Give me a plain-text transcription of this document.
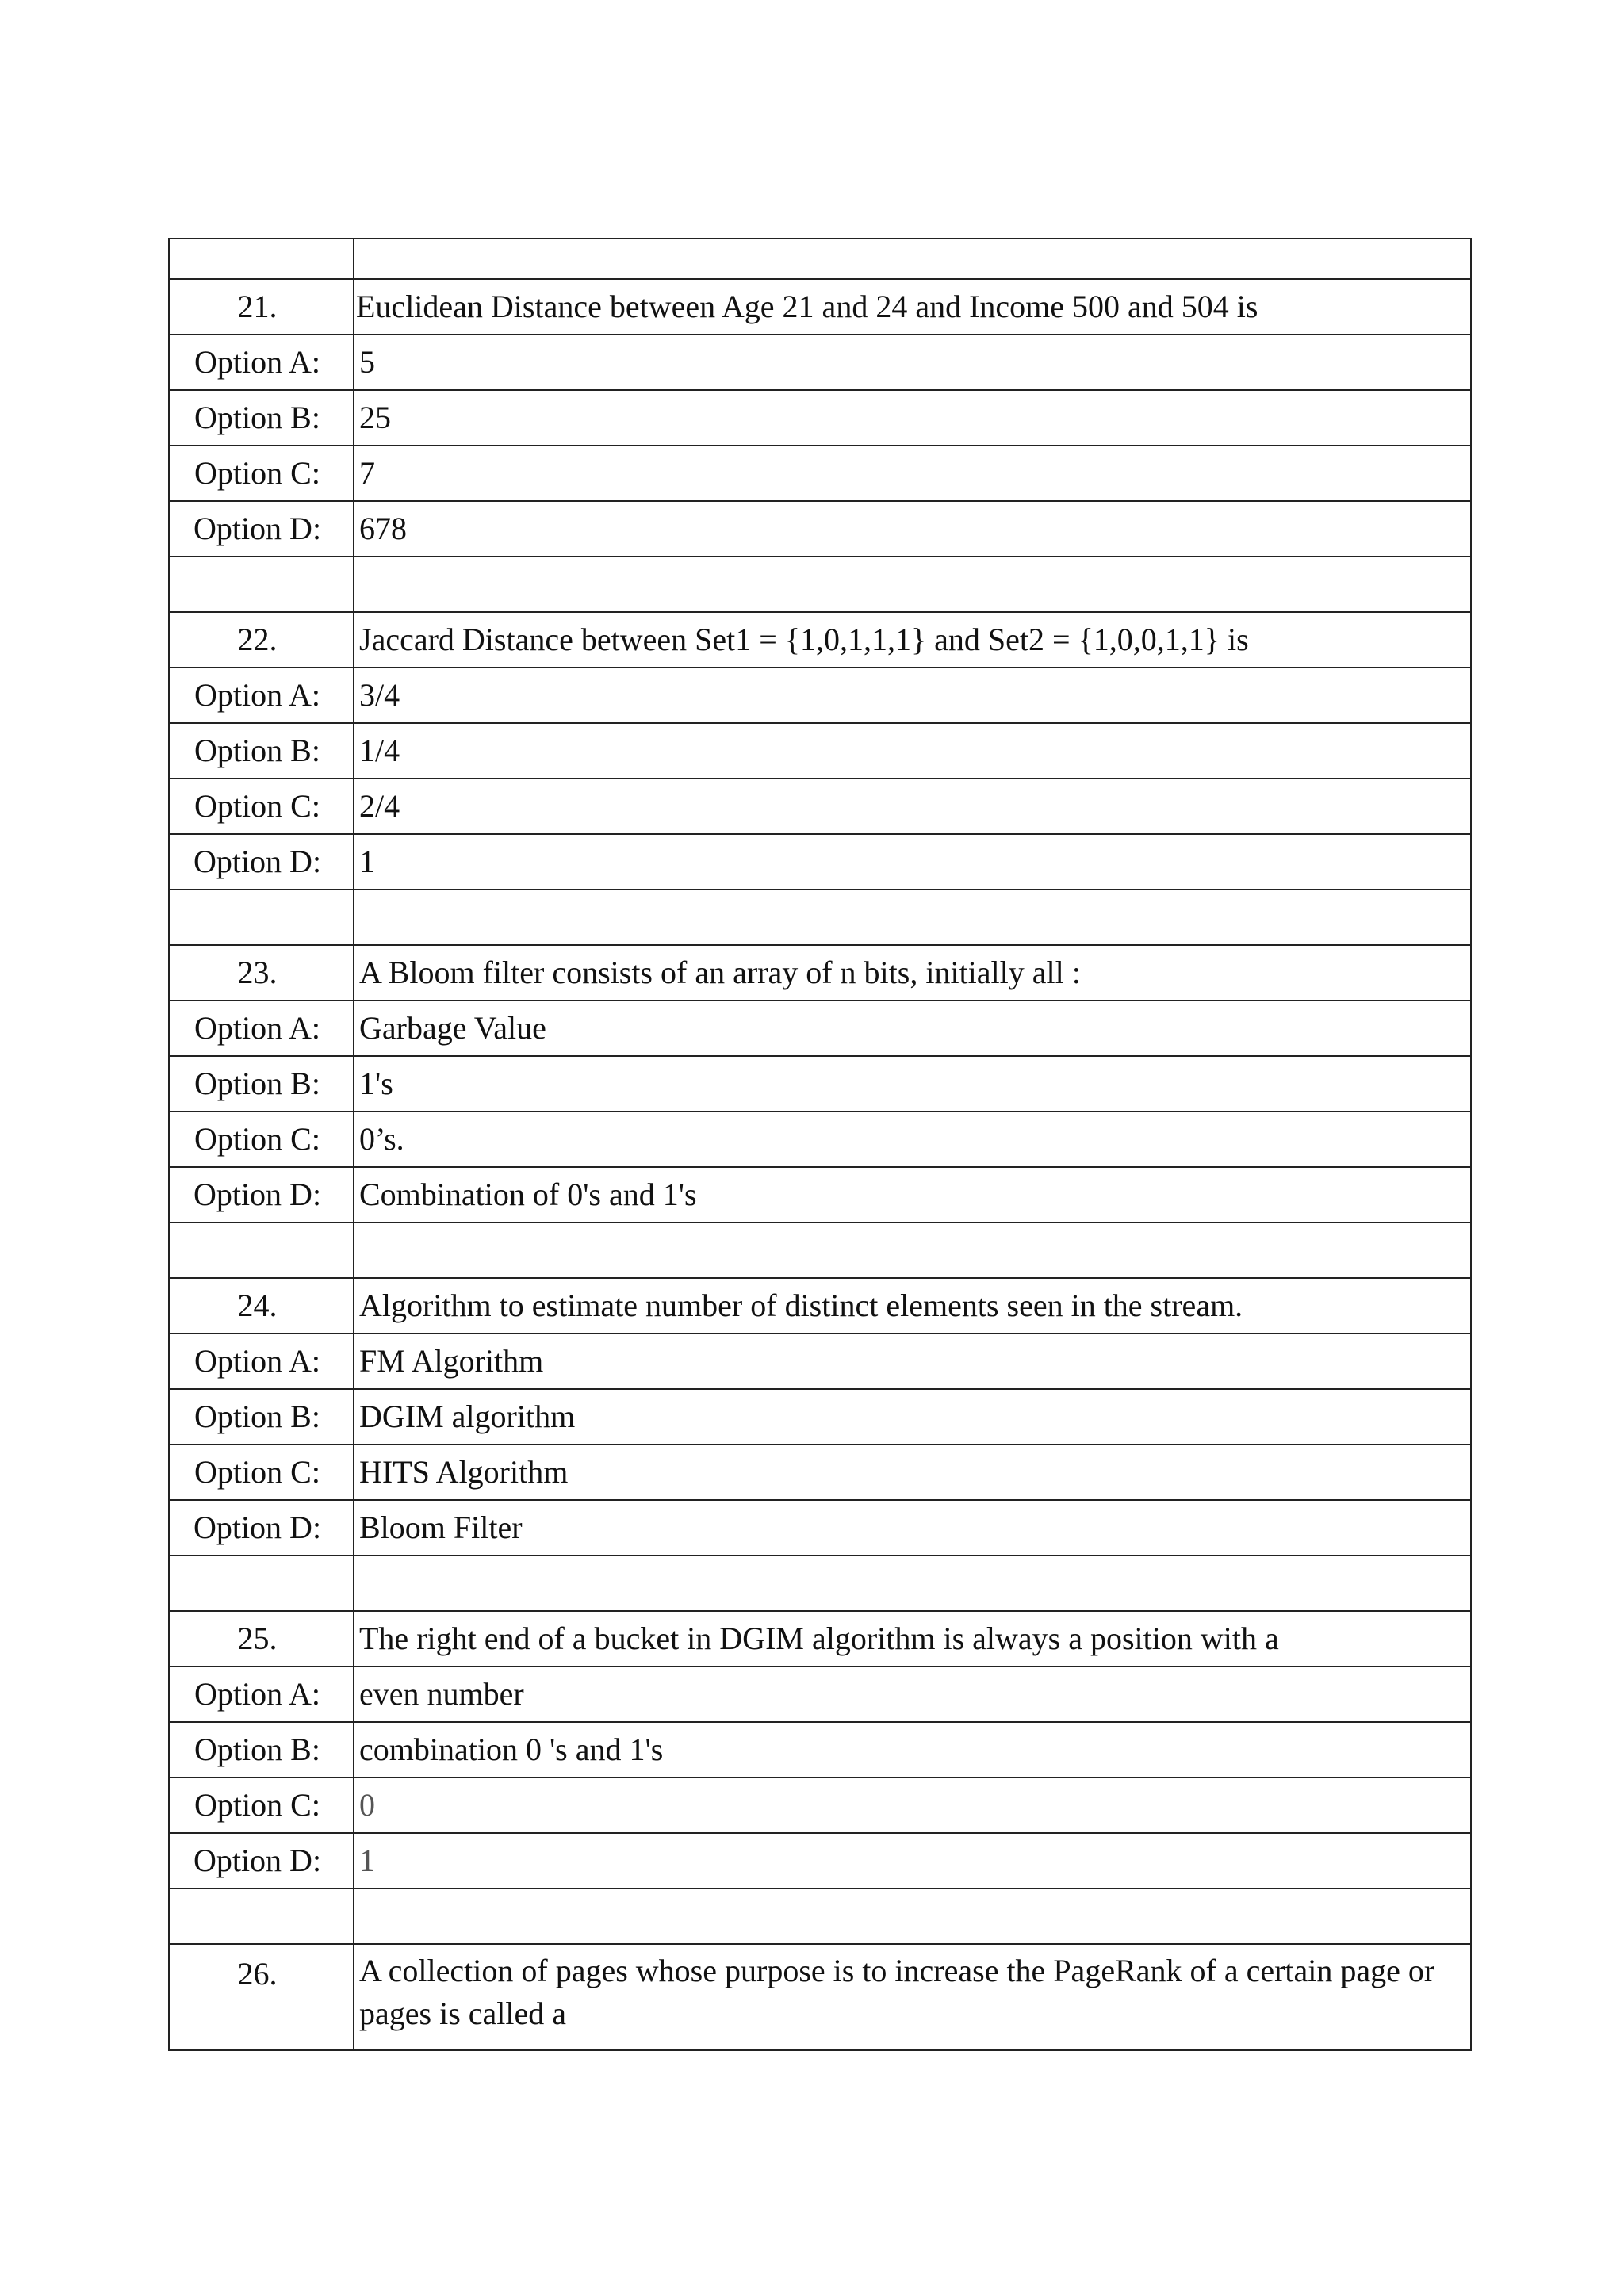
21.	Euclidean Distance between Age 21 and 24 and Income 500 and 504 is
Option A:	5
Option B:	25
Option C:	7
Option D:	678

22.	Jaccard Distance between Set1 = {1,0,1,1,1} and Set2 = {1,0,0,1,1} is
Option A:	3/4
Option B:	1/4
Option C:	2/4
Option D:	1

23.	A Bloom filter consists of an array of n bits, initially all :
Option A:	Garbage Value
Option B:	1's
Option C:	0’s.
Option D:	Combination of 0's and 1's

24.	Algorithm to estimate number of distinct elements seen in the stream.
Option A:	FM Algorithm
Option B:	DGIM algorithm
Option C:	HITS Algorithm
Option D:	Bloom Filter

25.	The right end of a bucket in DGIM algorithm is always a position with a
Option A:	even number
Option B:	combination 0 's and 1's
Option C:	0
Option D:	1

26.	A collection of pages whose purpose is to increase the PageRank of a certain page or pages is called a
